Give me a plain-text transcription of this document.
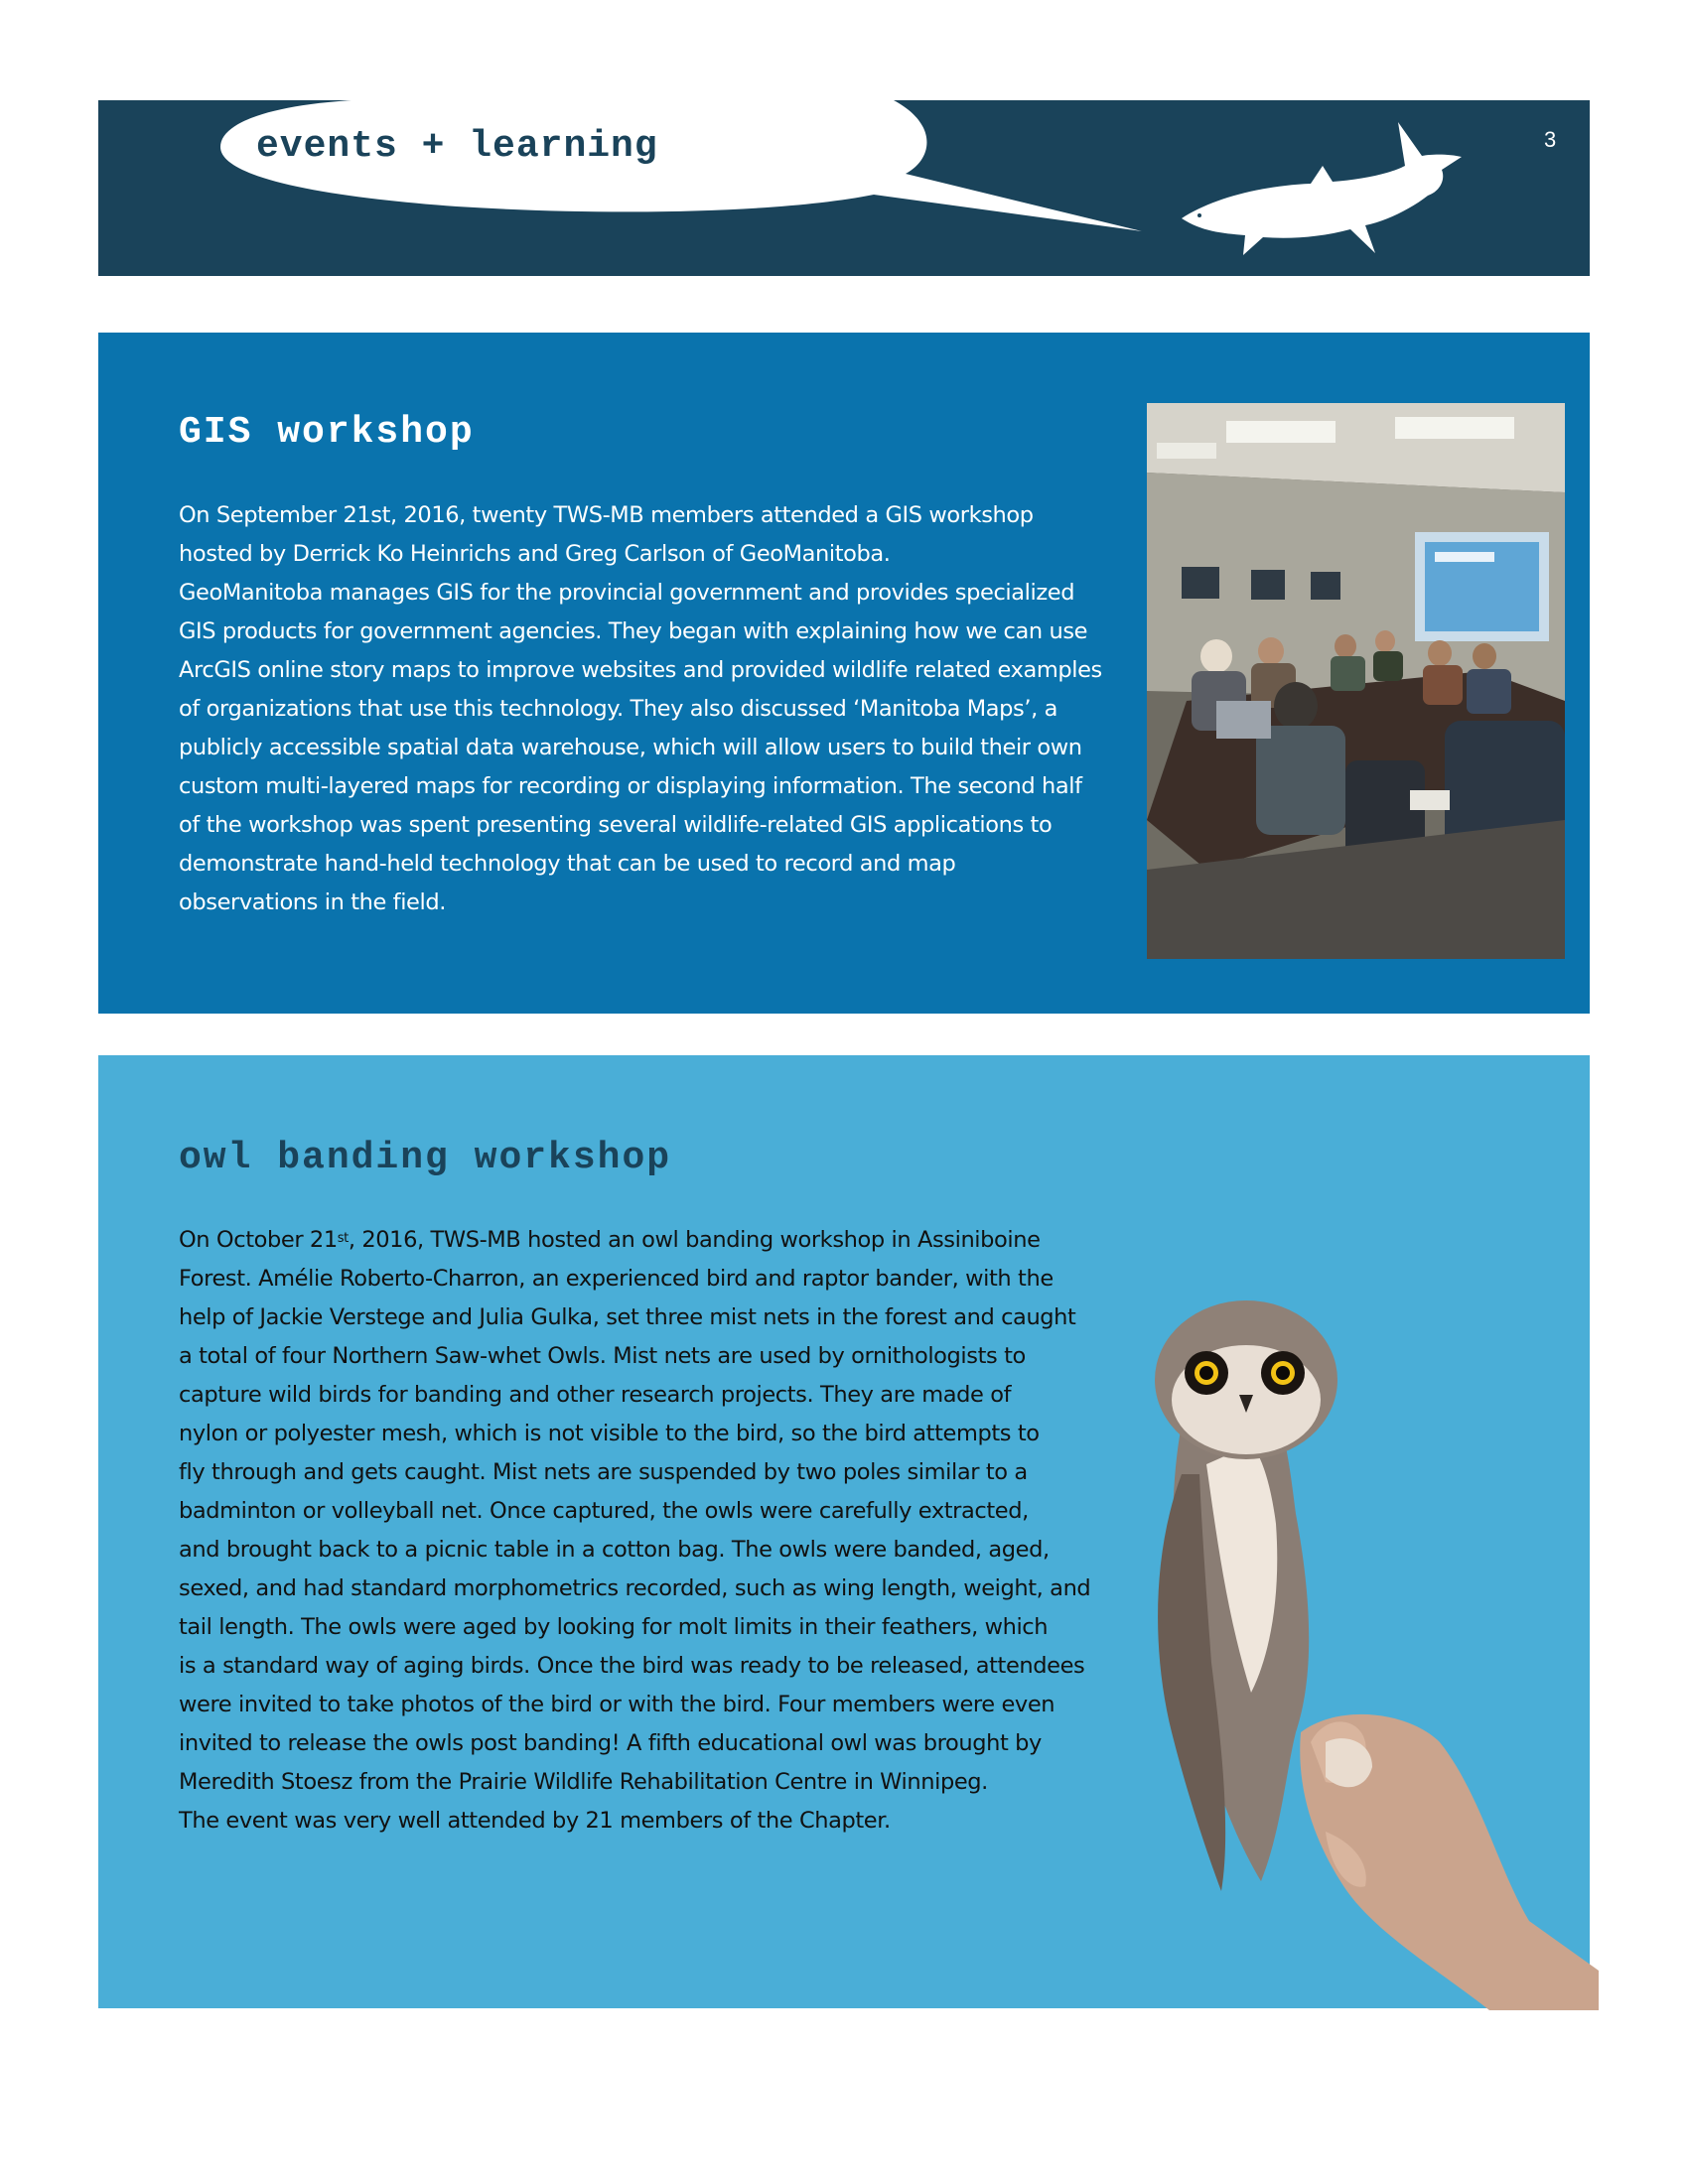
events + learning	3
GIS workshop

On September 21st, 2016, twenty TWS-MB members attended a GIS workshop

hosted by Derrick Ko Heinrichs and Greg Carlson of GeoManitoba.

GeoManitoba manages GIS for the provincial government and provides specialized

GIS products for government agencies. They began with explaining how we can use

ArcGIS online story maps to improve websites and provided wildlife related examples

of organizations that use this technology. They also discussed ‘Manitoba Maps’, a

publicly accessible spatial data warehouse, which will allow users to build their own

custom multi-layered maps for recording or displaying information. The second half

of the workshop was spent presenting several wildlife-related GIS applications to

demonstrate hand-held technology that can be used to record and map

observations in the field.

owl banding workshop

On October 21st, 2016, TWS-MB hosted an owl banding workshop in Assiniboine

Forest. Amélie Roberto-Charron, an experienced bird and raptor bander, with the

help of Jackie Verstege and Julia Gulka, set three mist nets in the forest and caught

a total of four Northern Saw-whet Owls. Mist nets are used by ornithologists to

capture wild birds for banding and other research projects. They are made of

nylon or polyester mesh, which is not visible to the bird, so the bird attempts to

fly through and gets caught. Mist nets are suspended by two poles similar to a

badminton or volleyball net. Once captured, the owls were carefully extracted,

and brought back to a picnic table in a cotton bag. The owls were banded, aged,

sexed, and had standard morphometrics recorded, such as wing length, weight, and

tail length. The owls were aged by looking for molt limits in their feathers, which

is a standard way of aging birds. Once the bird was ready to be released, attendees

were invited to take photos of the bird or with the bird. Four members were even

invited to release the owls post banding! A fifth educational owl was brought by

Meredith Stoesz from the Prairie Wildlife Rehabilitation Centre in Winnipeg.

The event was very well attended by 21 members of the Chapter.
